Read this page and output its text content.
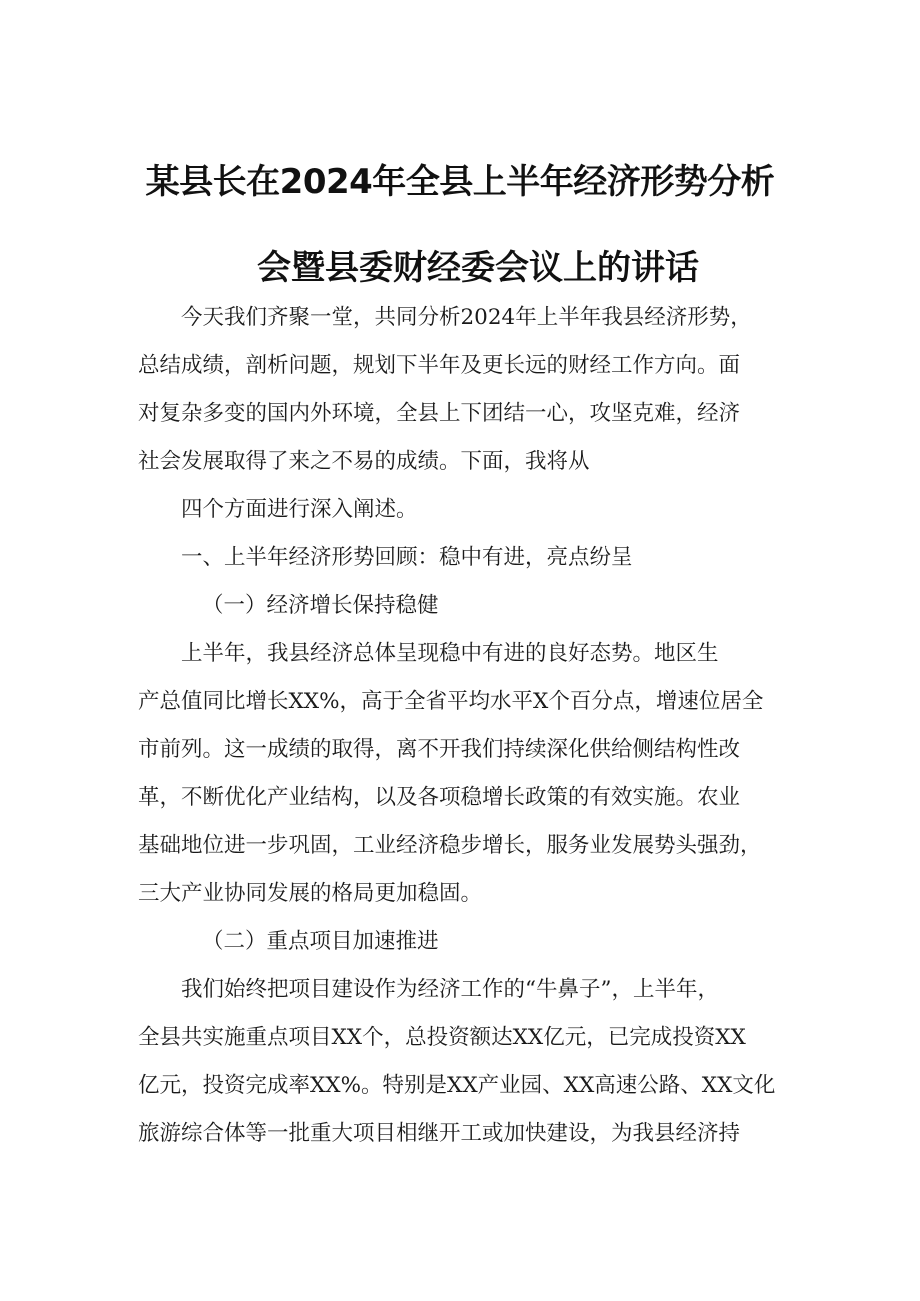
某县长在2024年全县上半年经济形势分析
会暨县委财经委会议上的讲话
今天我们齐聚一堂，共同分析2024年上半年我县经济形势，
总结成绩，剖析问题，规划下半年及更长远的财经工作方向。面
对复杂多变的国内外环境，全县上下团结一心，攻坚克难，经济
社会发展取得了来之不易的成绩。下面，我将从
四个方面进行深入阐述。
一、上半年经济形势回顾：稳中有进，亮点纷呈
（一）经济增长保持稳健
上半年，我县经济总体呈现稳中有进的良好态势。地区生
产总值同比增长XX%，高于全省平均水平X个百分点，增速位居全
市前列。这一成绩的取得，离不开我们持续深化供给侧结构性改
革，不断优化产业结构，以及各项稳增长政策的有效实施。农业
基础地位进一步巩固，工业经济稳步增长，服务业发展势头强劲，
三大产业协同发展的格局更加稳固。
（二）重点项目加速推进
我们始终把项目建设作为经济工作的“牛鼻子”，上半年，
全县共实施重点项目XX个，总投资额达XX亿元，已完成投资XX
亿元，投资完成率XX%。特别是XX产业园、XX高速公路、XX文化
旅游综合体等一批重大项目相继开工或加快建设，为我县经济持
